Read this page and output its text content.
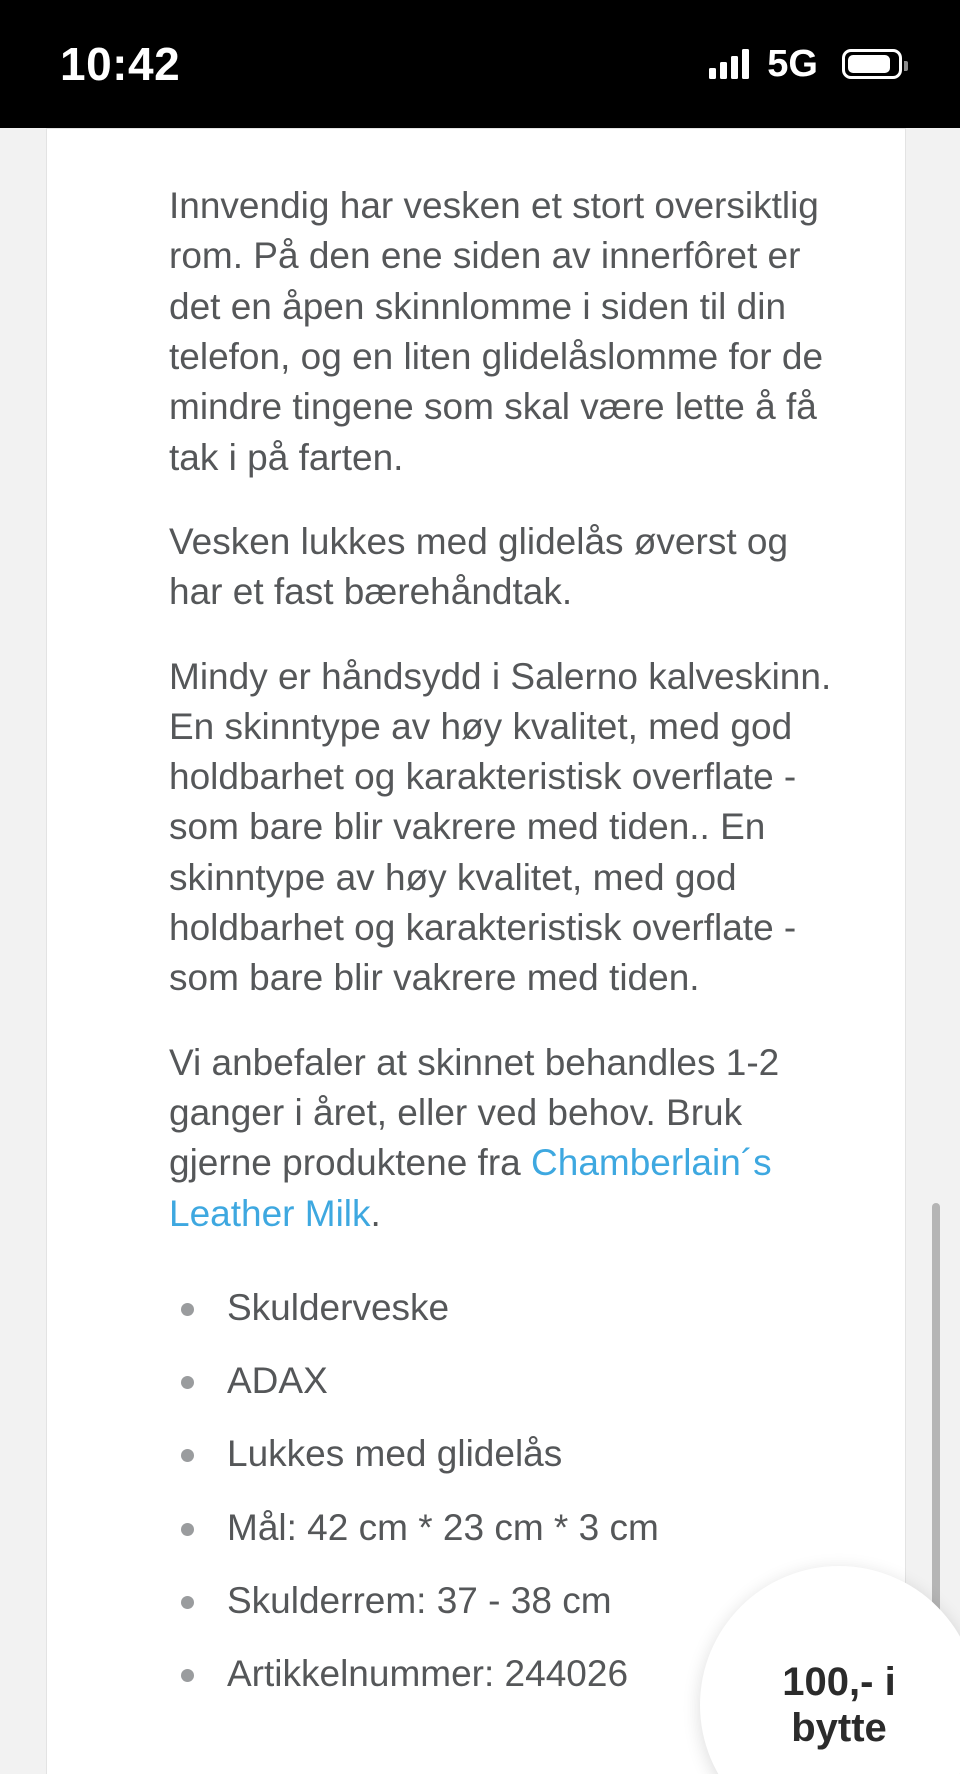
10:42	5G

Innvendig har vesken et stort oversiktlig rom. På den ene siden av innerfôret er det en åpen skinnlomme i siden til din telefon, og en liten glidelåslomme for de mindre tingene som skal være lette å få tak i på farten.

Vesken lukkes med glidelås øverst og har et fast bærehåndtak.

Mindy er håndsydd i Salerno kalveskinn. En skinntype av høy kvalitet, med god holdbarhet og karakteristisk overflate - som bare blir vakrere med tiden.. En skinntype av høy kvalitet, med god holdbarhet og karakteristisk overflate - som bare blir vakrere med tiden.

Vi anbefaler at skinnet behandles 1-2 ganger i året, eller ved behov. Bruk gjerne produktene fra Chamberlain´s Leather Milk.

Skulderveske
ADAX
Lukkes med glidelås
Mål: 42 cm * 23 cm * 3 cm
Skulderrem: 37 - 38 cm
Artikkelnummer: 244026	100,- i
bytte
